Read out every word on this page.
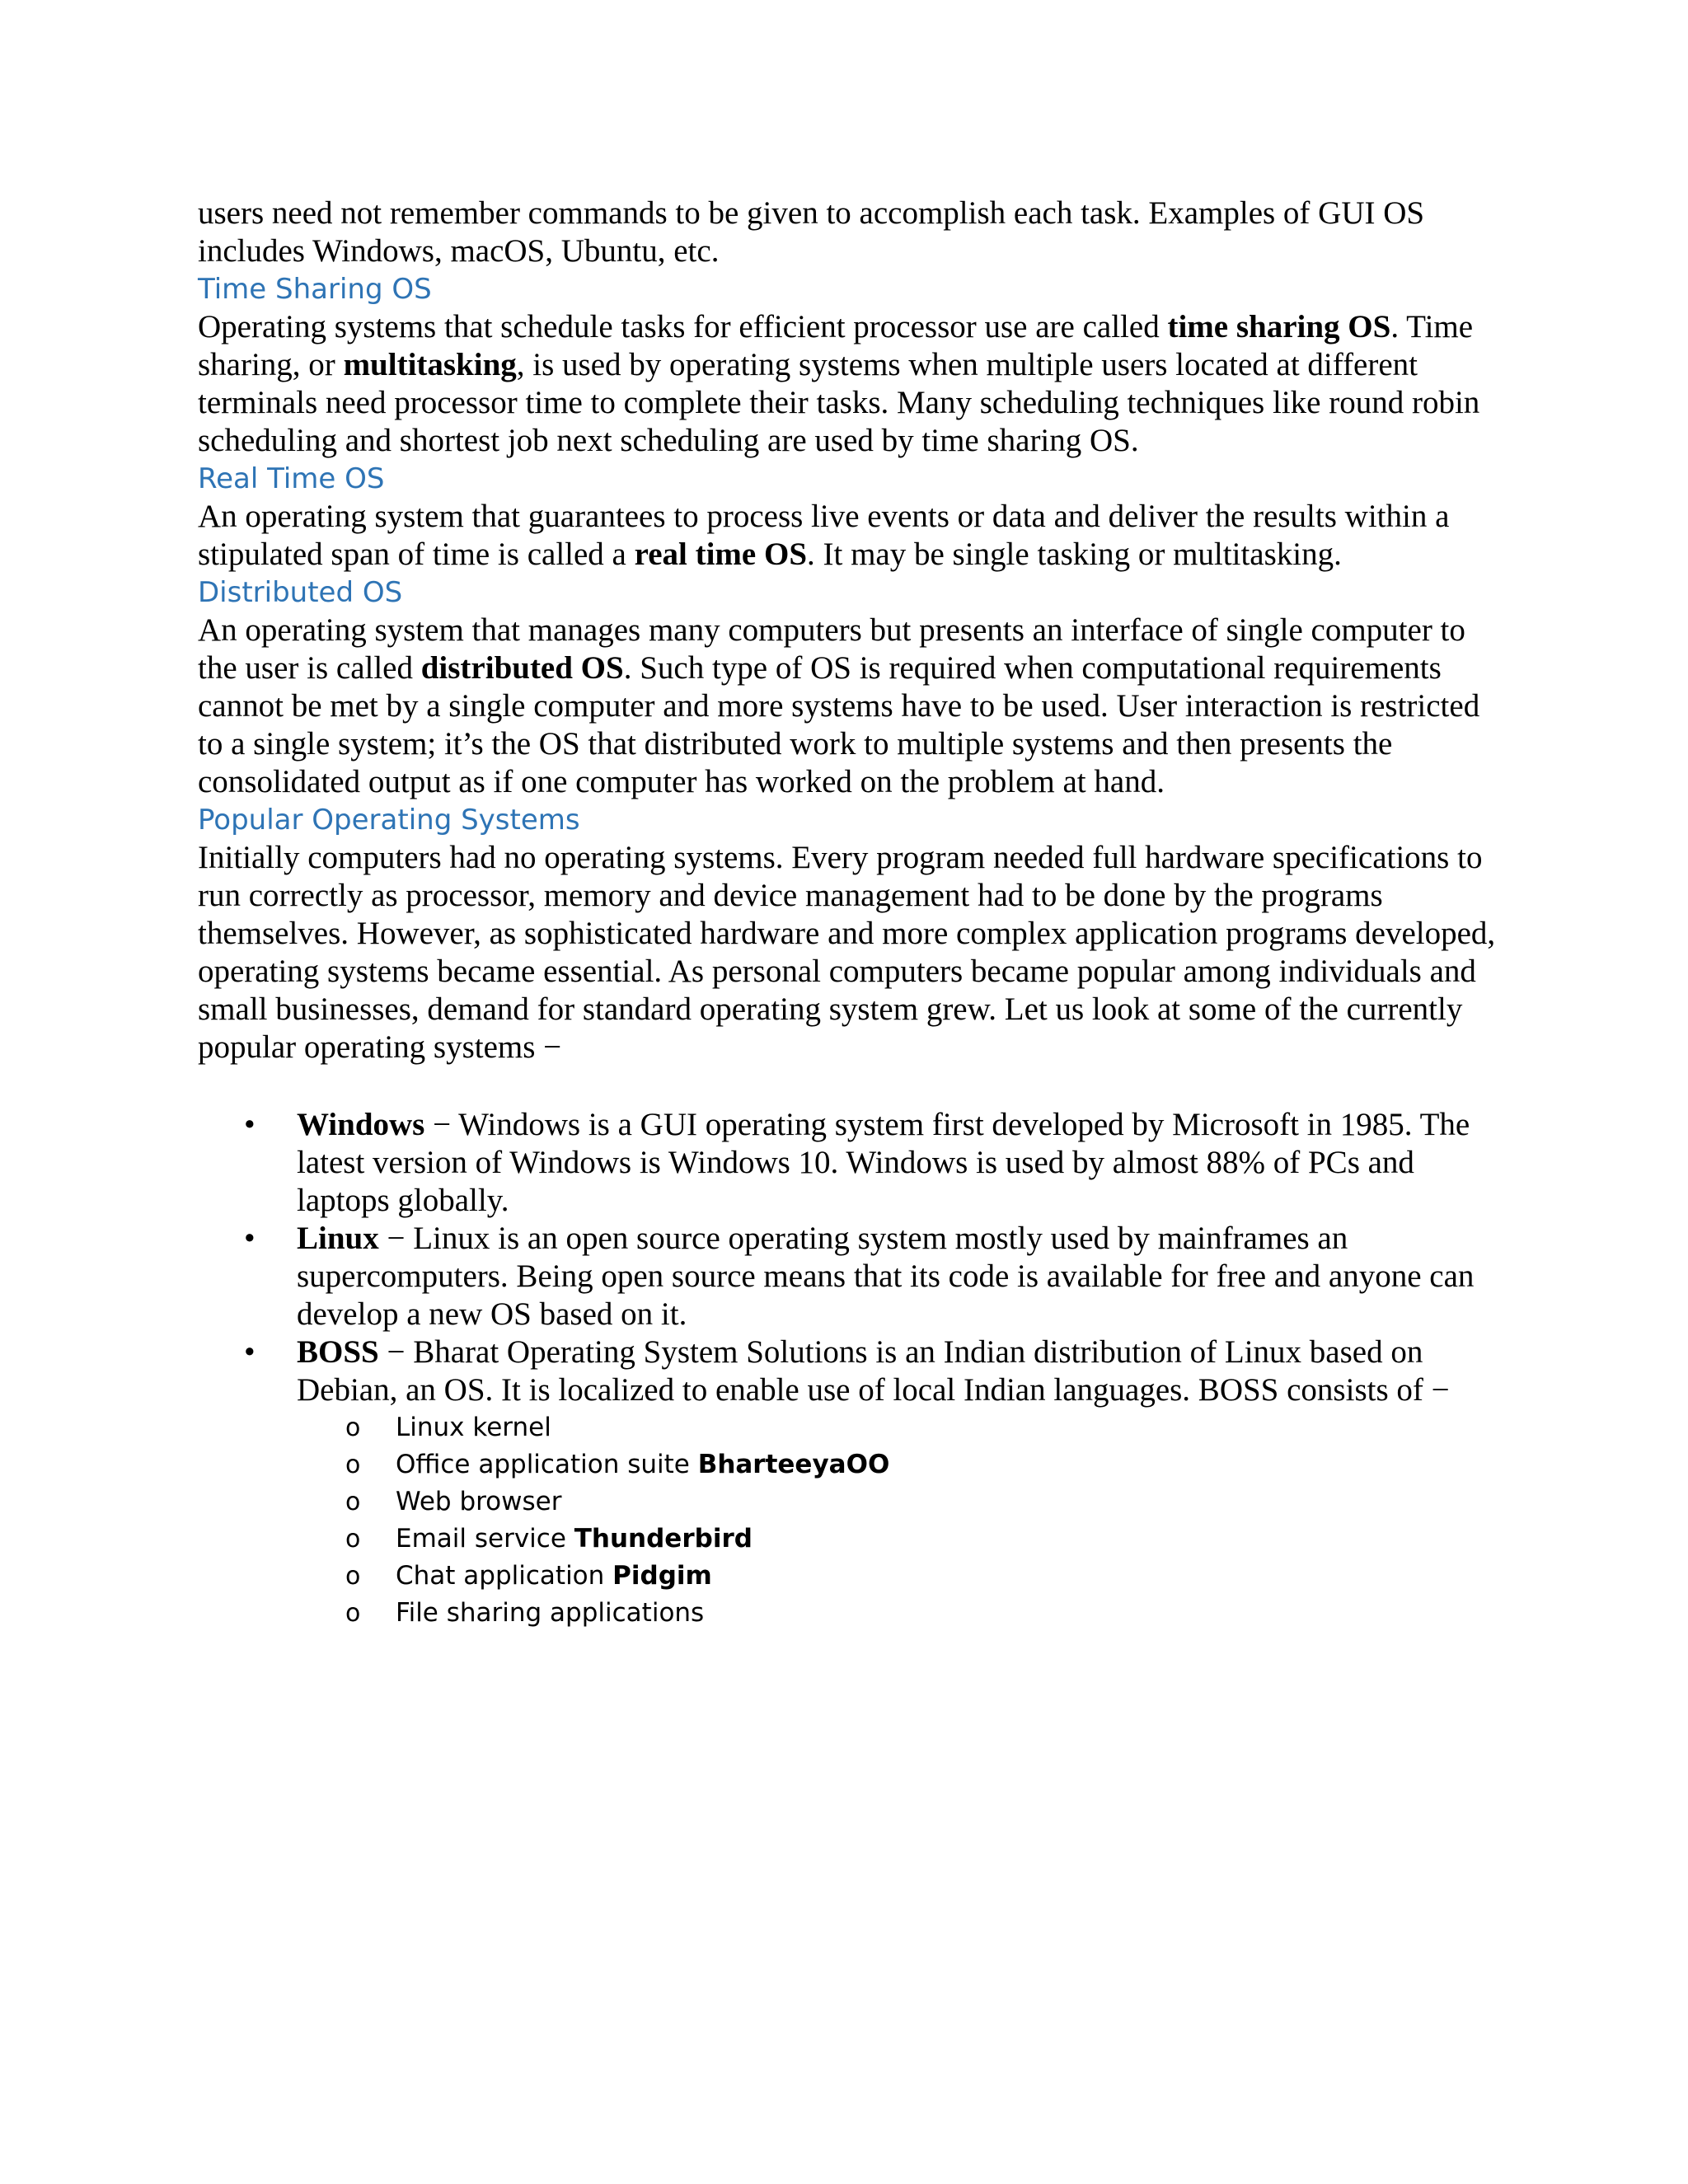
users need not remember commands to be given to accomplish each task. Examples of GUI OS includes Windows, macOS, Ubuntu, etc.

Time Sharing OS

Operating systems that schedule tasks for efficient processor use are called time sharing OS. Time sharing, or multitasking, is used by operating systems when multiple users located at different terminals need processor time to complete their tasks. Many scheduling techniques like round robin scheduling and shortest job next scheduling are used by time sharing OS.

Real Time OS

An operating system that guarantees to process live events or data and deliver the results within a stipulated span of time is called a real time OS. It may be single tasking or multitasking.

Distributed OS

An operating system that manages many computers but presents an interface of single computer to the user is called distributed OS. Such type of OS is required when computational requirements cannot be met by a single computer and more systems have to be used. User interaction is restricted to a single system; it’s the OS that distributed work to multiple systems and then presents the consolidated output as if one computer has worked on the problem at hand.

Popular Operating Systems

Initially computers had no operating systems. Every program needed full hardware specifications to run correctly as processor, memory and device management had to be done by the programs themselves. However, as sophisticated hardware and more complex application programs developed, operating systems became essential. As personal computers became popular among individuals and small businesses, demand for standard operating system grew. Let us look at some of the currently popular operating systems −

• Windows − Windows is a GUI operating system first developed by Microsoft in 1985. The latest version of Windows is Windows 10. Windows is used by almost 88% of PCs and laptops globally.
• Linux − Linux is an open source operating system mostly used by mainframes an supercomputers. Being open source means that its code is available for free and anyone can develop a new OS based on it.
• BOSS − Bharat Operating System Solutions is an Indian distribution of Linux based on Debian, an OS. It is localized to enable use of local Indian languages. BOSS consists of −
o	Linux kernel
o	Office application suite BharteeyaOO
o	Web browser
o	Email service Thunderbird
o	Chat application Pidgim
o	File sharing applications
